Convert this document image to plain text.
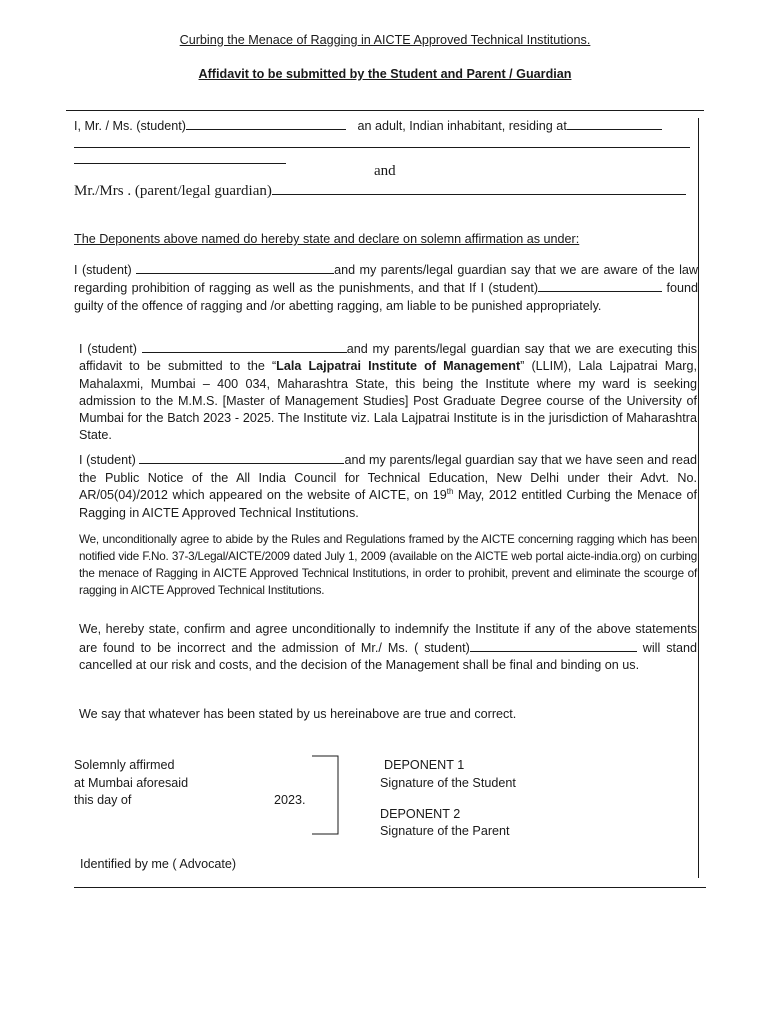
Curbing the Menace of Ragging in AICTE Approved Technical Institutions.
Affidavit to be submitted by the Student and Parent / Guardian
I, Mr. / Ms. (student)	an adult, Indian inhabitant, residing at
and
Mr./Mrs . (parent/legal guardian)
The Deponents above named do hereby state and declare on solemn affirmation as under:
I (student)	and my parents/legal guardian say that we are aware of the law regarding prohibition of ragging as well as the punishments, and that If I (student)	found guilty of the offence of ragging and /or abetting ragging, am liable to be punished appropriately.
I (student)	and my parents/legal guardian say that we are executing this affidavit to be submitted to the “Lala Lajpatrai Institute of Management” (LLIM), Lala Lajpatrai Marg, Mahalaxmi, Mumbai – 400 034, Maharashtra State, this being the Institute where my ward is seeking admission to the M.M.S. [Master of Management Studies] Post Graduate Degree course of the University of Mumbai for the Batch 2023 - 2025. The Institute viz. Lala Lajpatrai Institute is in the jurisdiction of Maharashtra State.
I (student)	and my parents/legal guardian say that we have seen and read the Public Notice of the All India Council for Technical Education, New Delhi under their Advt. No. AR/05(04)/2012 which appeared on the website of AICTE, on 19th May, 2012 entitled Curbing the Menace of Ragging in AICTE Approved Technical Institutions.
We, unconditionally agree to abide by the Rules and Regulations framed by the AICTE concerning ragging which has been notified vide F.No. 37-3/Legal/AICTE/2009 dated July 1, 2009 (available on the AICTE web portal aicte-india.org) on curbing the menace of Ragging in AICTE Approved Technical Institutions, in order to prohibit, prevent and eliminate the scourge of ragging in AICTE Approved Technical Institutions.
We, hereby state, confirm and agree unconditionally to indemnify the Institute if any of the above statements are found to be incorrect and the admission of Mr./ Ms. ( student)	will stand cancelled at our risk and costs, and the decision of the Management shall be final and binding on us.
We say that whatever has been stated by us hereinabove are true and correct.
Solemnly affirmed
at Mumbai aforesaid
this day of	2023.
DEPONENT 1
Signature of the Student
DEPONENT 2
Signature of the Parent
Identified by me ( Advocate)
